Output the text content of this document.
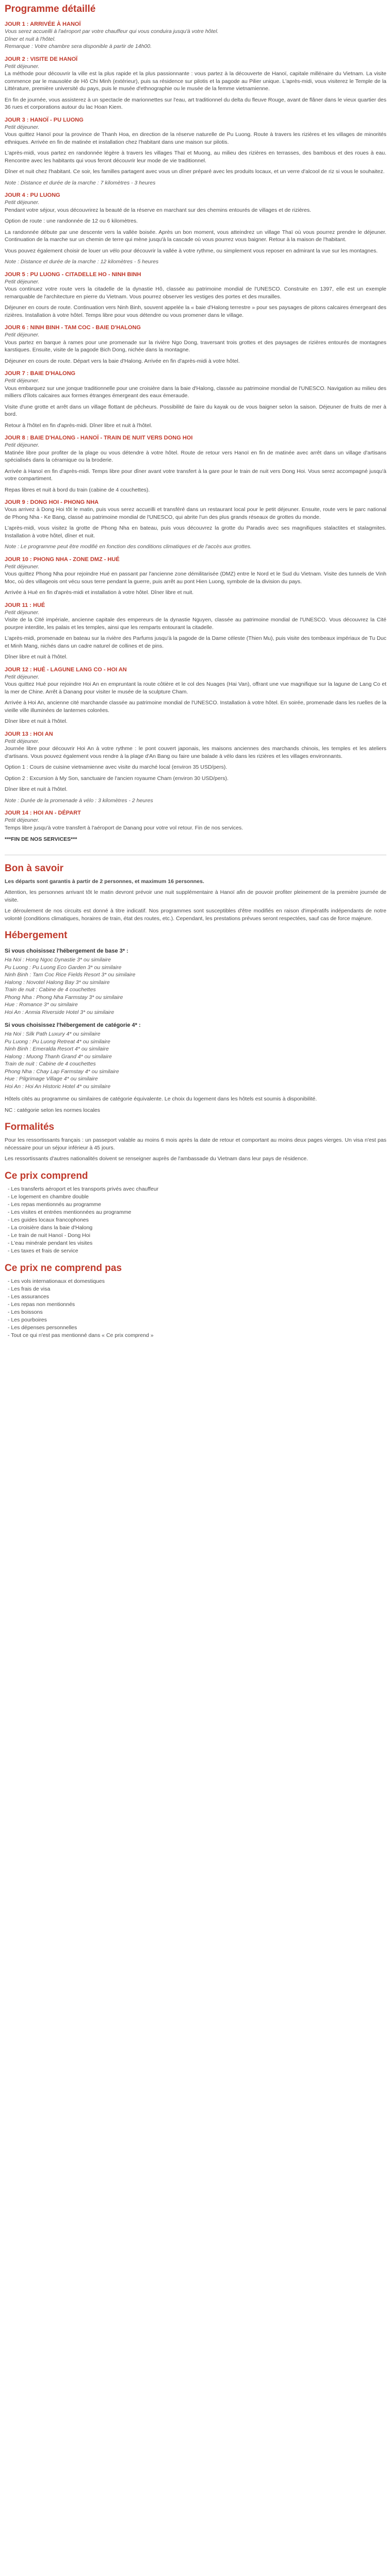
Programme détaillé
JOUR 1 : ARRIVÉE À HANOÏ

Vous serez accueilli à l'aéroport par votre chauffeur qui vous conduira jusqu'à votre hôtel.

Dîner et nuit à l'hôtel.

Remarque : Votre chambre sera disponible à partir de 14h00.

JOUR 2 : VISITE DE HANOÏ

Petit déjeuner.

La méthode pour découvrir la ville est la plus rapide et la plus passionnante : vous partez à la découverte de Hanoï, capitale millénaire du Vietnam. La visite commence par le mausolée de Hô Chi Minh (extérieur), puis sa résidence sur pilotis et la pagode au Pilier unique. L'après-midi, vous visiterez le Temple de la Littérature, première université du pays, puis le musée d'ethnographie ou le musée de la femme vietnamienne.

En fin de journée, vous assisterez à un spectacle de marionnettes sur l'eau, art traditionnel du delta du fleuve Rouge, avant de flâner dans le vieux quartier des 36 rues et corporations autour du lac Hoan Kiem.

JOUR 3 : HANOÏ - PU LUONG

Petit déjeuner.

Vous quittez Hanoï pour la province de Thanh Hoa, en direction de la réserve naturelle de Pu Luong. Route à travers les rizières et les villages de minorités ethniques. Arrivée en fin de matinée et installation chez l'habitant dans une maison sur pilotis.

L'après-midi, vous partez en randonnée légère à travers les villages Thaï et Muong, au milieu des rizières en terrasses, des bambous et des roues à eau. Rencontre avec les habitants qui vous feront découvrir leur mode de vie traditionnel.

Dîner et nuit chez l'habitant. Ce soir, les familles partagent avec vous un dîner préparé avec les produits locaux, et un verre d'alcool de riz si vous le souhaitez.

Note : Distance et durée de la marche : 7 kilomètres - 3 heures

JOUR 4 : PU LUONG

Petit déjeuner.

Pendant votre séjour, vous découvrirez la beauté de la réserve en marchant sur des chemins entourés de villages et de rizières.

Option de route : une randonnée de 12 ou 6 kilomètres.

La randonnée débute par une descente vers la vallée boisée. Après un bon moment, vous atteindrez un village Thaï où vous pourrez prendre le déjeuner. Continuation de la marche sur un chemin de terre qui mène jusqu'à la cascade où vous pourrez vous baigner. Retour à la maison de l'habitant.

Vous pouvez également choisir de louer un vélo pour découvrir la vallée à votre rythme, ou simplement vous reposer en admirant la vue sur les montagnes.

Note : Distance et durée de la marche : 12 kilomètres - 5 heures

JOUR 5 : PU LUONG - CITADELLE HO - NINH BINH

Petit déjeuner.

Vous continuez votre route vers la citadelle de la dynastie Hô, classée au patrimoine mondial de l'UNESCO. Construite en 1397, elle est un exemple remarquable de l'architecture en pierre du Vietnam. Vous pourrez observer les vestiges des portes et des murailles.

Déjeuner en cours de route. Continuation vers Ninh Binh, souvent appelée la « baie d'Halong terrestre » pour ses paysages de pitons calcaires émergeant des rizières. Installation à votre hôtel. Temps libre pour vous détendre ou vous promener dans le village.

JOUR 6 : NINH BINH - TAM COC - BAIE D'HALONG

Petit déjeuner.

Vous partez en barque à rames pour une promenade sur la rivière Ngo Dong, traversant trois grottes et des paysages de rizières entourés de montagnes karstiques. Ensuite, visite de la pagode Bich Dong, nichée dans la montagne.

Déjeuner en cours de route. Départ vers la baie d'Halong. Arrivée en fin d'après-midi à votre hôtel.

JOUR 7 : BAIE D'HALONG

Petit déjeuner.

Vous embarquez sur une jonque traditionnelle pour une croisière dans la baie d'Halong, classée au patrimoine mondial de l'UNESCO. Navigation au milieu des milliers d'îlots calcaires aux formes étranges émergeant des eaux émeraude.

Visite d'une grotte et arrêt dans un village flottant de pêcheurs. Possibilité de faire du kayak ou de vous baigner selon la saison. Déjeuner de fruits de mer à bord.

Retour à l'hôtel en fin d'après-midi. Dîner libre et nuit à l'hôtel.

JOUR 8 : BAIE D'HALONG - HANOÏ - TRAIN DE NUIT VERS DONG HOI

Petit déjeuner.

Matinée libre pour profiter de la plage ou vous détendre à votre hôtel. Route de retour vers Hanoï en fin de matinée avec arrêt dans un village d'artisans spécialisés dans la céramique ou la broderie.

Arrivée à Hanoï en fin d'après-midi. Temps libre pour dîner avant votre transfert à la gare pour le train de nuit vers Dong Hoi. Vous serez accompagné jusqu'à votre compartiment.

Repas libres et nuit à bord du train (cabine de 4 couchettes).

JOUR 9 : DONG HOI - PHONG NHA

Vous arrivez à Dong Hoi tôt le matin, puis vous serez accueilli et transféré dans un restaurant local pour le petit déjeuner. Ensuite, route vers le parc national de Phong Nha - Ke Bang, classé au patrimoine mondial de l'UNESCO, qui abrite l'un des plus grands réseaux de grottes du monde.

L'après-midi, vous visitez la grotte de Phong Nha en bateau, puis vous découvrez la grotte du Paradis avec ses magnifiques stalactites et stalagmites. Installation à votre hôtel, dîner et nuit.

Note : Le programme peut être modifié en fonction des conditions climatiques et de l'accès aux grottes.

JOUR 10 : PHONG NHA - ZONE DMZ - HUÉ

Petit déjeuner.

Vous quittez Phong Nha pour rejoindre Hué en passant par l'ancienne zone démilitarisée (DMZ) entre le Nord et le Sud du Vietnam. Visite des tunnels de Vinh Moc, où des villageois ont vécu sous terre pendant la guerre, puis arrêt au pont Hien Luong, symbole de la division du pays.

Arrivée à Hué en fin d'après-midi et installation à votre hôtel. Dîner libre et nuit.

JOUR 11 : HUÉ

Petit déjeuner.

Visite de la Cité impériale, ancienne capitale des empereurs de la dynastie Nguyen, classée au patrimoine mondial de l'UNESCO. Vous découvrez la Cité pourpre interdite, les palais et les temples, ainsi que les remparts entourant la citadelle.

L'après-midi, promenade en bateau sur la rivière des Parfums jusqu'à la pagode de la Dame céleste (Thien Mu), puis visite des tombeaux impériaux de Tu Duc et Minh Mang, nichés dans un cadre naturel de collines et de pins.

Dîner libre et nuit à l'hôtel.

JOUR 12 : HUÉ - LAGUNE LANG CO - HOI AN

Petit déjeuner.

Vous quittez Hué pour rejoindre Hoi An en empruntant la route côtière et le col des Nuages (Hai Van), offrant une vue magnifique sur la lagune de Lang Co et la mer de Chine. Arrêt à Danang pour visiter le musée de la sculpture Cham.

Arrivée à Hoi An, ancienne cité marchande classée au patrimoine mondial de l'UNESCO. Installation à votre hôtel. En soirée, promenade dans les ruelles de la vieille ville illuminées de lanternes colorées.

Dîner libre et nuit à l'hôtel.

JOUR 13 : HOI AN

Petit déjeuner.

Journée libre pour découvrir Hoi An à votre rythme : le pont couvert japonais, les maisons anciennes des marchands chinois, les temples et les ateliers d'artisans. Vous pouvez également vous rendre à la plage d'An Bang ou faire une balade à vélo dans les rizières et les villages environnants.

Option 1 : Cours de cuisine vietnamienne avec visite du marché local (environ 35 USD/pers).

Option 2 : Excursion à My Son, sanctuaire de l'ancien royaume Cham (environ 30 USD/pers).

Dîner libre et nuit à l'hôtel.

Note : Durée de la promenade à vélo : 3 kilomètres - 2 heures

JOUR 14 : HOI AN - DÉPART

Petit déjeuner.

Temps libre jusqu'à votre transfert à l'aéroport de Danang pour votre vol retour. Fin de nos services.

***FIN DE NOS SERVICES***

Bon à savoir

Les départs sont garantis à partir de 2 personnes, et maximum 16 personnes.

Attention, les personnes arrivant tôt le matin devront prévoir une nuit supplémentaire à Hanoï afin de pouvoir profiter pleinement de la première journée de visite.

Le déroulement de nos circuits est donné à titre indicatif. Nos programmes sont susceptibles d'être modifiés en raison d'impératifs indépendants de notre volonté (conditions climatiques, horaires de train, état des routes, etc.). Cependant, les prestations prévues seront respectées, sauf cas de force majeure.

Hébergement
Si vous choisissez l'hébergement de base 3* :

Ha Noi : Hong Ngoc Dynastie 3* ou similaire

Pu Luong : Pu Luong Eco Garden 3* ou similaire

Ninh Binh : Tam Coc Rice Fields Resort 3* ou similaire

Halong : Novotel Halong Bay 3* ou similaire

Train de nuit : Cabine de 4 couchettes

Phong Nha : Phong Nha Farmstay 3* ou similaire

Hue : Romance 3* ou similaire

Hoi An : Anmia Riverside Hotel 3* ou similaire

Si vous choisissez l'hébergement de catégorie 4* :

Ha Noi : Silk Path Luxury 4* ou similaire

Pu Luong : Pu Luong Retreat 4* ou similaire

Ninh Binh : Emeralda Resort 4* ou similaire

Halong : Muong Thanh Grand 4* ou similaire

Train de nuit : Cabine de 4 couchettes

Phong Nha : Chay Lap Farmstay 4* ou similaire

Hue : Pilgrimage Village 4* ou similaire

Hoi An : Hoi An Historic Hotel 4* ou similaire

Hôtels cités au programme ou similaires de catégorie équivalente. Le choix du logement dans les hôtels est soumis à disponibilité.

NC : catégorie selon les normes locales

Formalités

Pour les ressortissants français : un passeport valable au moins 6 mois après la date de retour et comportant au moins deux pages vierges. Un visa n'est pas nécessaire pour un séjour inférieur à 45 jours.

Les ressortissants d'autres nationalités doivent se renseigner auprès de l'ambassade du Vietnam dans leur pays de résidence.

Ce prix comprend
- Les transferts aéroport et les transports privés avec chauffeur
- Le logement en chambre double
- Les repas mentionnés au programme
- Les visites et entrées mentionnées au programme
- Les guides locaux francophones
- La croisière dans la baie d'Halong
- Le train de nuit Hanoï - Dong Hoi
- L'eau minérale pendant les visites
- Les taxes et frais de service
Ce prix ne comprend pas
- Les vols internationaux et domestiques
- Les frais de visa
- Les assurances
- Les repas non mentionnés
- Les boissons
- Les pourboires
- Les dépenses personnelles
- Tout ce qui n'est pas mentionné dans « Ce prix comprend »
